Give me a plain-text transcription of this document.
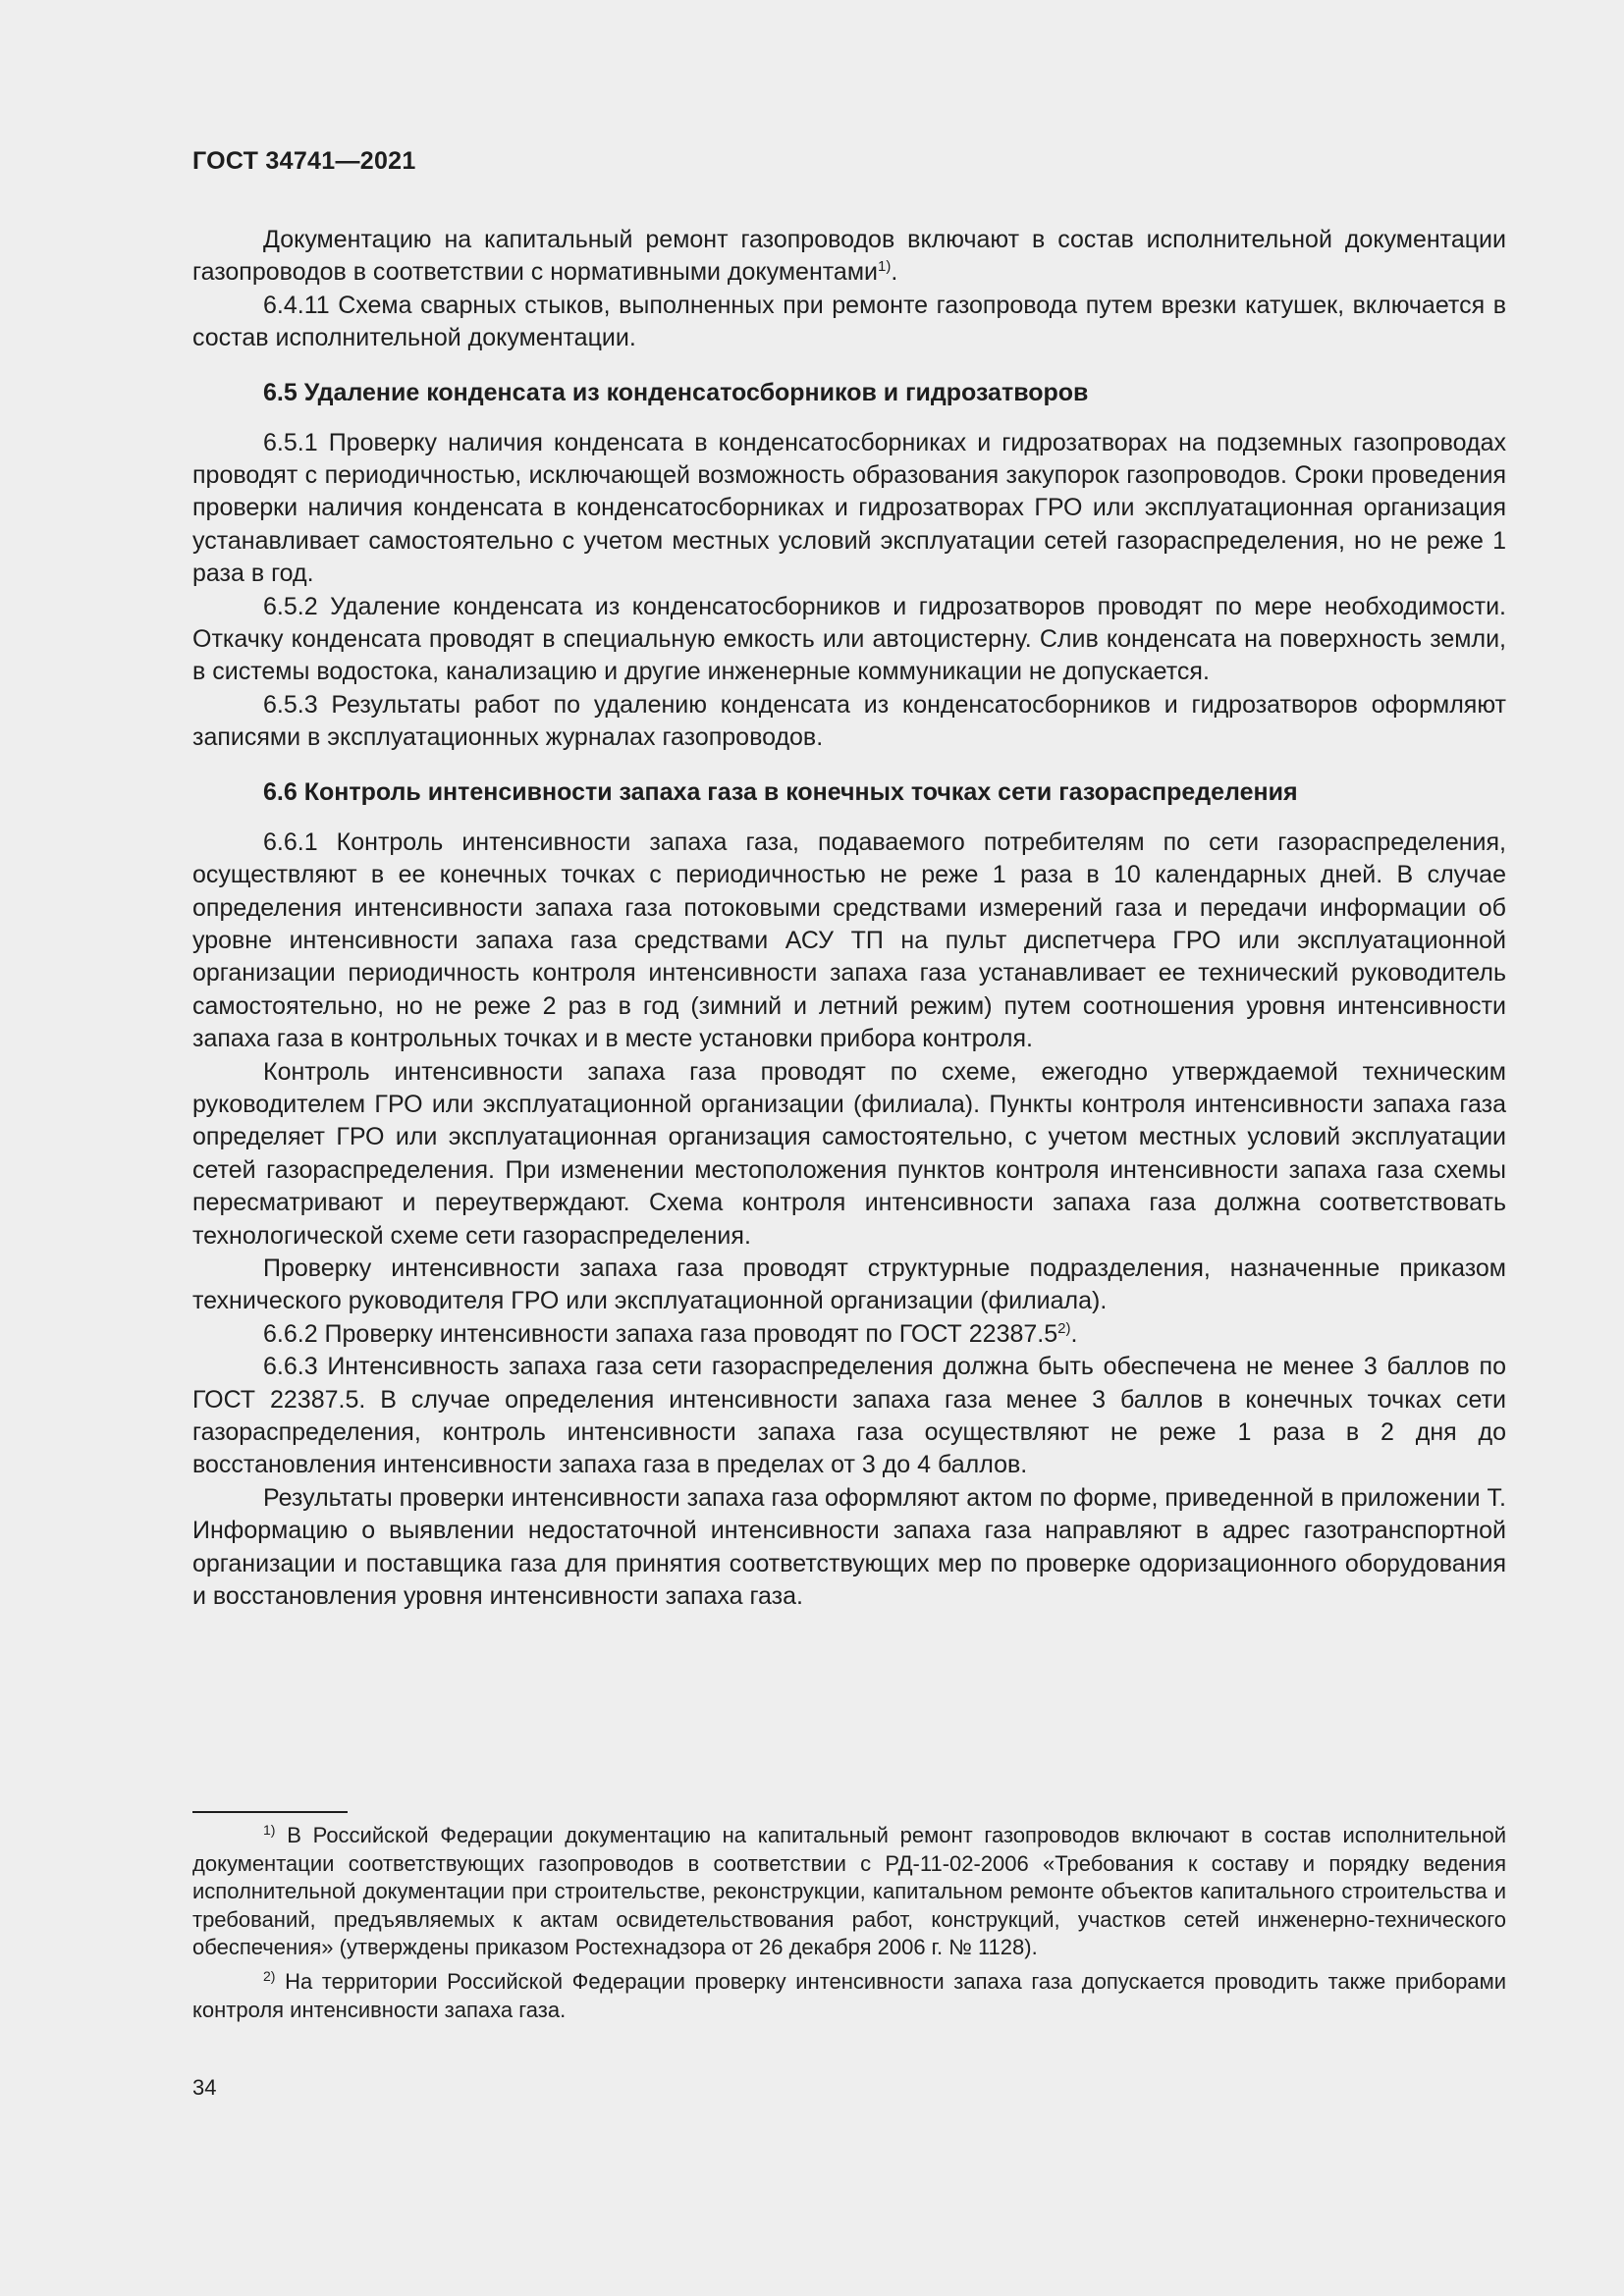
ГОСТ 34741—2021

Документацию на капитальный ремонт газопроводов включают в состав исполнительной документации газопроводов в соответствии с нормативными документами$^{1)}$.

6.4.11 Схема сварных стыков, выполненных при ремонте газопровода путем врезки катушек, включается в состав исполнительной документации.

6.5 Удаление конденсата из конденсатосборников и гидрозатворов

6.5.1 Проверку наличия конденсата в конденсатосборниках и гидрозатворах на подземных газопроводах проводят с периодичностью, исключающей возможность образования закупорок газопроводов. Сроки проведения проверки наличия конденсата в конденсатосборниках и гидрозатворах ГРО или эксплуатационная организация устанавливает самостоятельно с учетом местных условий эксплуатации сетей газораспределения, но не реже 1 раза в год.

6.5.2 Удаление конденсата из конденсатосборников и гидрозатворов проводят по мере необходимости. Откачку конденсата проводят в специальную емкость или автоцистерну. Слив конденсата на поверхность земли, в системы водостока, канализацию и другие инженерные коммуникации не допускается.

6.5.3 Результаты работ по удалению конденсата из конденсатосборников и гидрозатворов оформляют записями в эксплуатационных журналах газопроводов.

6.6 Контроль интенсивности запаха газа в конечных точках сети газораспределения

6.6.1 Контроль интенсивности запаха газа, подаваемого потребителям по сети газораспределения, осуществляют в ее конечных точках с периодичностью не реже 1 раза в 10 календарных дней. В случае определения интенсивности запаха газа потоковыми средствами измерений газа и передачи информации об уровне интенсивности запаха газа средствами АСУ ТП на пульт диспетчера ГРО или эксплуатационной организации периодичность контроля интенсивности запаха газа устанавливает ее технический руководитель самостоятельно, но не реже 2 раз в год (зимний и летний режим) путем соотношения уровня интенсивности запаха газа в контрольных точках и в месте установки прибора контроля.

Контроль интенсивности запаха газа проводят по схеме, ежегодно утверждаемой техническим руководителем ГРО или эксплуатационной организации (филиала). Пункты контроля интенсивности запаха газа определяет ГРО или эксплуатационная организация самостоятельно, с учетом местных условий эксплуатации сетей газораспределения. При изменении местоположения пунктов контроля интенсивности запаха газа схемы пересматривают и переутверждают. Схема контроля интенсивности запаха газа должна соответствовать технологической схеме сети газораспределения.

Проверку интенсивности запаха газа проводят структурные подразделения, назначенные приказом технического руководителя ГРО или эксплуатационной организации (филиала).

6.6.2 Проверку интенсивности запаха газа проводят по ГОСТ 22387.5$^{2)}$.

6.6.3 Интенсивность запаха газа сети газораспределения должна быть обеспечена не менее 3 баллов по ГОСТ 22387.5. В случае определения интенсивности запаха газа менее 3 баллов в конечных точках сети газораспределения, контроль интенсивности запаха газа осуществляют не реже 1 раза в 2 дня до восстановления интенсивности запаха газа в пределах от 3 до 4 баллов.

Результаты проверки интенсивности запаха газа оформляют актом по форме, приведенной в приложении Т. Информацию о выявлении недостаточной интенсивности запаха газа направляют в адрес газотранспортной организации и поставщика газа для принятия соответствующих мер по проверке одоризационного оборудования и восстановления уровня интенсивности запаха газа.

$^{1)}$ В Российской Федерации документацию на капитальный ремонт газопроводов включают в состав исполнительной документации соответствующих газопроводов в соответствии с РД-11-02-2006 «Требования к составу и порядку ведения исполнительной документации при строительстве, реконструкции, капитальном ремонте объектов капитального строительства и требований, предъявляемых к актам освидетельствования работ, конструкций, участков сетей инженерно-технического обеспечения» (утверждены приказом Ростехнадзора от 26 декабря 2006 г. № 1128).

$^{2)}$ На территории Российской Федерации проверку интенсивности запаха газа допускается проводить также приборами контроля интенсивности запаха газа.

34
